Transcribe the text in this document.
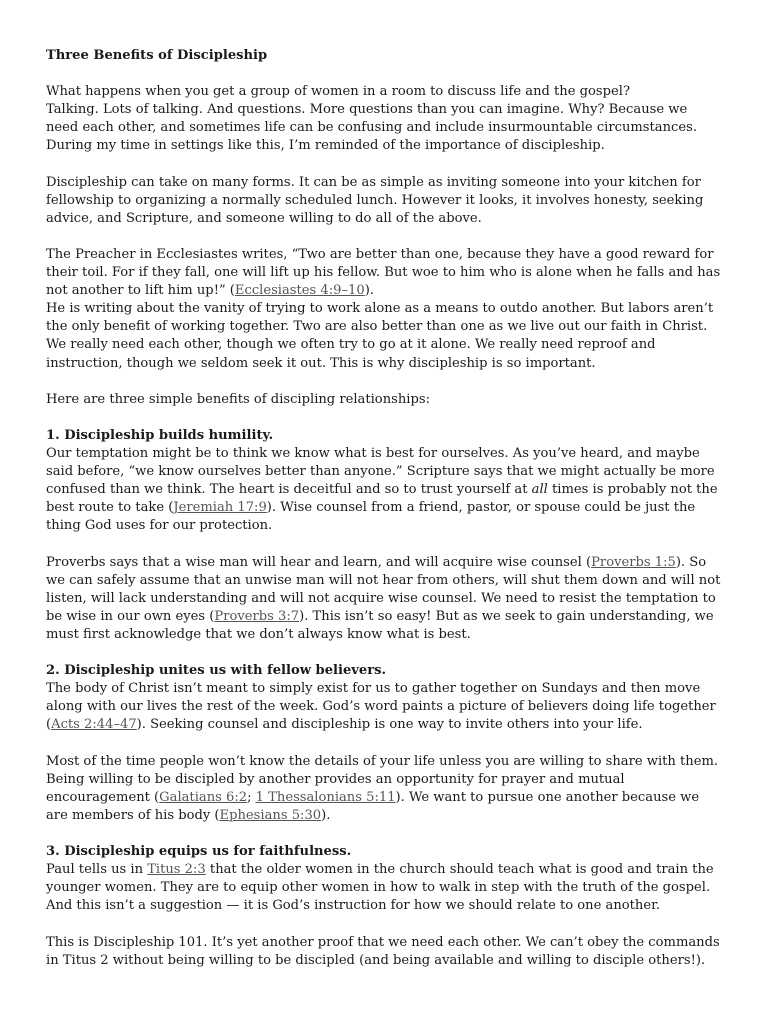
Three Benefits of Discipleship

What happens when you get a group of women in a room to discuss life and the gospel?

Talking. Lots of talking. And questions. More questions than you can imagine. Why? Because we need each other, and sometimes life can be confusing and include insurmountable circumstances. During my time in settings like this, I’m reminded of the importance of discipleship.

Discipleship can take on many forms. It can be as simple as inviting someone into your kitchen for fellowship to organizing a normally scheduled lunch. However it looks, it involves honesty, seeking advice, and Scripture, and someone willing to do all of the above.

The Preacher in Ecclesiastes writes, “Two are better than one, because they have a good reward for their toil. For if they fall, one will lift up his fellow. But woe to him who is alone when he falls and has not another to lift him up!” (Ecclesiastes 4:9–10).

He is writing about the vanity of trying to work alone as a means to outdo another. But labors aren’t the only benefit of working together. Two are also better than one as we live out our faith in Christ. We really need each other, though we often try to go at it alone. We really need reproof and instruction, though we seldom seek it out. This is why discipleship is so important.

Here are three simple benefits of discipling relationships:

1. Discipleship builds humility.
Our temptation might be to think we know what is best for ourselves. As you’ve heard, and maybe said before, “we know ourselves better than anyone.” Scripture says that we might actually be more confused than we think. The heart is deceitful and so to trust yourself at all times is probably not the best route to take (Jeremiah 17:9). Wise counsel from a friend, pastor, or spouse could be just the thing God uses for our protection.

Proverbs says that a wise man will hear and learn, and will acquire wise counsel (Proverbs 1:5). So we can safely assume that an unwise man will not hear from others, will shut them down and will not listen, will lack understanding and will not acquire wise counsel. We need to resist the temptation to be wise in our own eyes (Proverbs 3:7). This isn’t so easy! But as we seek to gain understanding, we must first acknowledge that we don’t always know what is best.

2. Discipleship unites us with fellow believers.
The body of Christ isn’t meant to simply exist for us to gather together on Sundays and then move along with our lives the rest of the week. God’s word paints a picture of believers doing life together (Acts 2:44–47). Seeking counsel and discipleship is one way to invite others into your life.

Most of the time people won’t know the details of your life unless you are willing to share with them. Being willing to be discipled by another provides an opportunity for prayer and mutual encouragement (Galatians 6:2; 1 Thessalonians 5:11). We want to pursue one another because we are members of his body (Ephesians 5:30).

3. Discipleship equips us for faithfulness.
Paul tells us in Titus 2:3 that the older women in the church should teach what is good and train the younger women. They are to equip other women in how to walk in step with the truth of the gospel. And this isn’t a suggestion — it is God’s instruction for how we should relate to one another.

This is Discipleship 101. It’s yet another proof that we need each other. We can’t obey the commands in Titus 2 without being willing to be discipled (and being available and willing to disciple others!).
